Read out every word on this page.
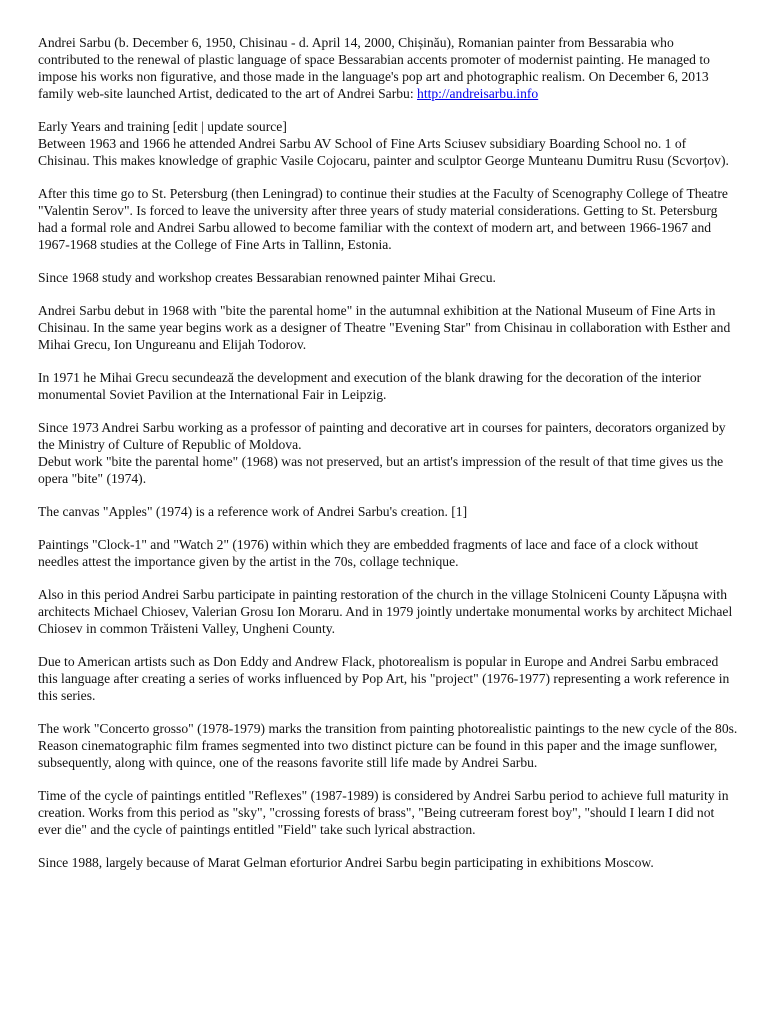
Andrei Sarbu (b. December 6, 1950, Chisinau - d. April 14, 2000, Chișinău), Romanian painter from Bessarabia who contributed to the renewal of plastic language of space Bessarabian accents promoter of modernist painting. He managed to impose his works non figurative, and those made in the language's pop art and photographic realism. On December 6, 2013 family web-site launched Artist, dedicated to the art of Andrei Sarbu: http://andreisarbu.info

Early Years and training [edit | update source]
Between 1963 and 1966 he attended Andrei Sarbu AV School of Fine Arts Sciusev subsidiary Boarding School no. 1 of Chisinau. This makes knowledge of graphic Vasile Cojocaru, painter and sculptor George Munteanu Dumitru Rusu (Scvorțov).

After this time go to St. Petersburg (then Leningrad) to continue their studies at the Faculty of Scenography College of Theatre "Valentin Serov". Is forced to leave the university after three years of study material considerations. Getting to St. Petersburg had a formal role and Andrei Sarbu allowed to become familiar with the context of modern art, and between 1966-1967 and 1967-1968 studies at the College of Fine Arts in Tallinn, Estonia.

Since 1968 study and workshop creates Bessarabian renowned painter Mihai Grecu.

Andrei Sarbu debut in 1968 with "bite the parental home" in the autumnal exhibition at the National Museum of Fine Arts in Chisinau. In the same year begins work as a designer of Theatre "Evening Star" from Chisinau in collaboration with Esther and Mihai Grecu, Ion Ungureanu and Elijah Todorov.

In 1971 he Mihai Grecu secundează the development and execution of the blank drawing for the decoration of the interior monumental Soviet Pavilion at the International Fair in Leipzig.

Since 1973 Andrei Sarbu working as a professor of painting and decorative art in courses for painters, decorators organized by the Ministry of Culture of Republic of Moldova.
Debut work "bite the parental home" (1968) was not preserved, but an artist's impression of the result of that time gives us the opera "bite" (1974).

The canvas "Apples" (1974) is a reference work of Andrei Sarbu's creation. [1]

Paintings "Clock-1" and "Watch 2" (1976) within which they are embedded fragments of lace and face of a clock without needles attest the importance given by the artist in the 70s, collage technique.

Also in this period Andrei Sarbu participate in painting restoration of the church in the village Stolniceni County Lăpușna with architects Michael Chiosev, Valerian Grosu Ion Moraru. And in 1979 jointly undertake monumental works by architect Michael Chiosev in common Trăisteni Valley, Ungheni County.

Due to American artists such as Don Eddy and Andrew Flack, photorealism is popular in Europe and Andrei Sarbu embraced this language after creating a series of works influenced by Pop Art, his "project" (1976-1977) representing a work reference in this series.

The work "Concerto grosso" (1978-1979) marks the transition from painting photorealistic paintings to the new cycle of the 80s. Reason cinematographic film frames segmented into two distinct picture can be found in this paper and the image sunflower, subsequently, along with quince, one of the reasons favorite still life made by Andrei Sarbu.

Time of the cycle of paintings entitled "Reflexes" (1987-1989) is considered by Andrei Sarbu period to achieve full maturity in creation. Works from this period as "sky", "crossing forests of brass", "Being cutreeram forest boy", "should I learn I did not ever die" and the cycle of paintings entitled "Field" take such lyrical abstraction.

Since 1988, largely because of Marat Gelman eforturior Andrei Sarbu begin participating in exhibitions Moscow.
